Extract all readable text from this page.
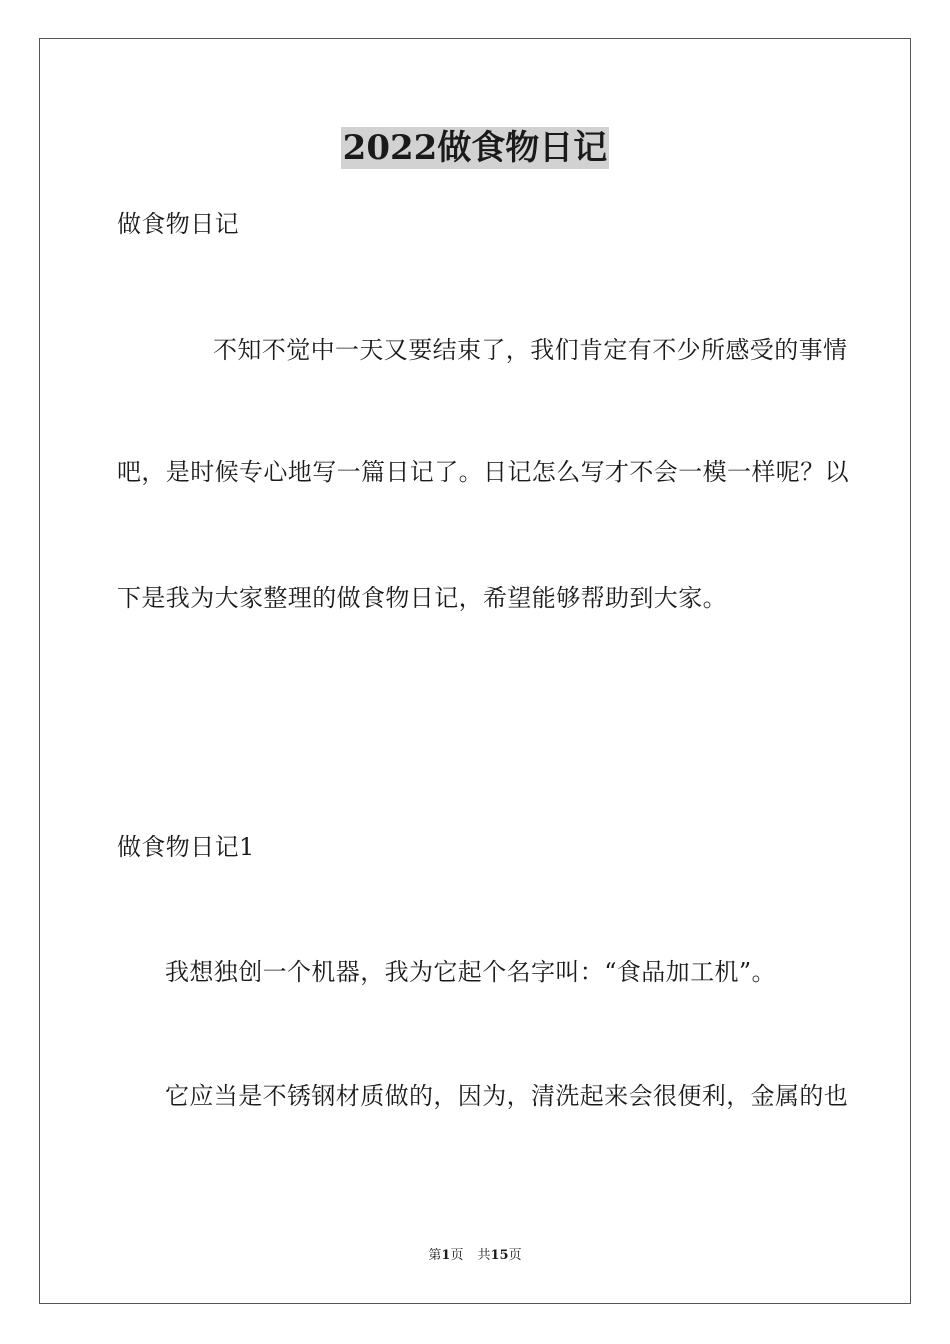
2022做食物日记
做食物日记
不知不觉中一天又要结束了，我们肯定有不少所感受的事情
吧，是时候专心地写一篇日记了。日记怎么写才不会一模一样呢？以
下是我为大家整理的做食物日记，希望能够帮助到大家。
做食物日记1
我想独创一个机器，我为它起个名字叫：“食品加工机”。
它应当是不锈钢材质做的，因为，清洗起来会很便利，金属的也
第1页 共15页
